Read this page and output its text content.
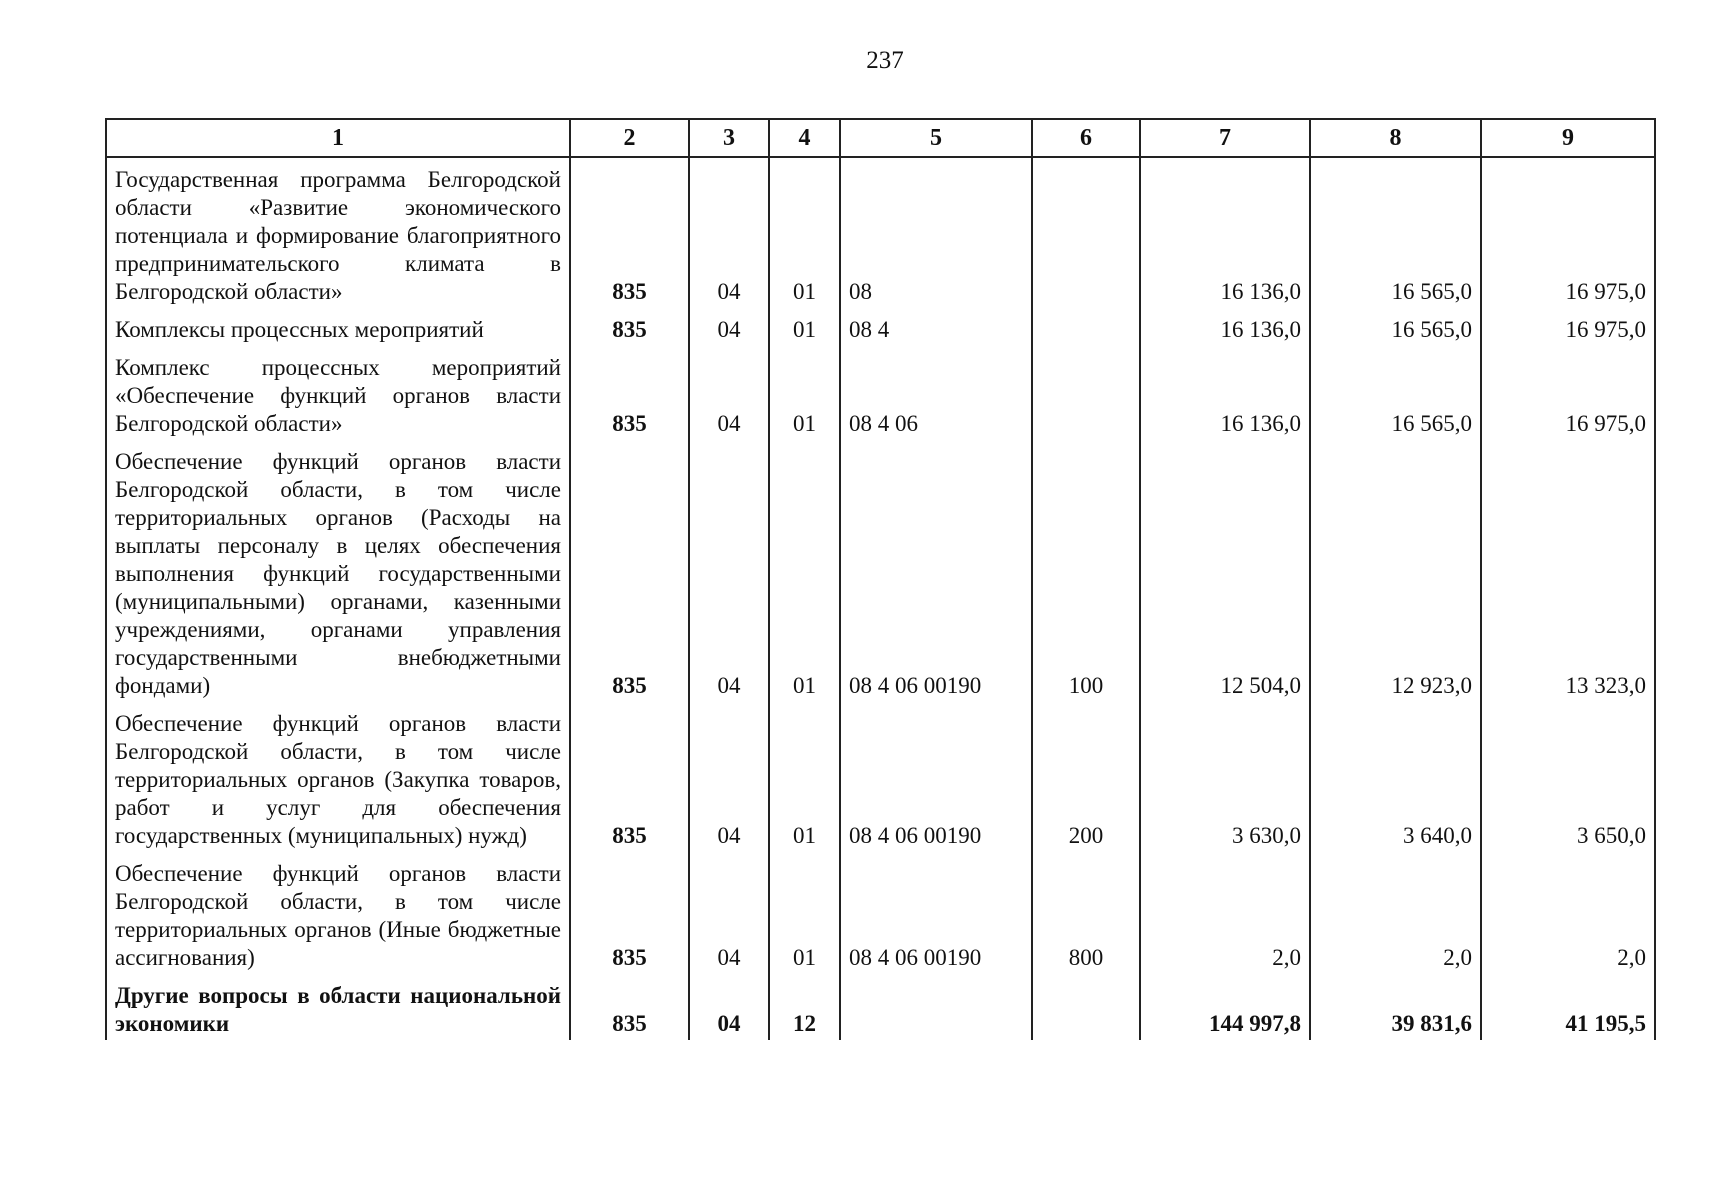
237
1	2	3	4	5	6	7	8	9
Государственная программа Белгородской области «Развитие экономического потенциала и формирование благоприятного предпринимательского климата в Белгородской области»	835	04	01	08		16 136,0	16 565,0	16 975,0
Комплексы процессных мероприятий	835	04	01	08 4		16 136,0	16 565,0	16 975,0
Комплекс процессных мероприятий «Обеспечение функций органов власти Белгородской области»	835	04	01	08 4 06		16 136,0	16 565,0	16 975,0
Обеспечение функций органов власти Белгородской области, в том числе территориальных органов (Расходы на выплаты персоналу в целях обеспечения выполнения функций государственными (муниципальными) органами, казенными учреждениями, органами управления государственными внебюджетными фондами)	835	04	01	08 4 06 00190	100	12 504,0	12 923,0	13 323,0
Обеспечение функций органов власти Белгородской области, в том числе территориальных органов (Закупка товаров, работ и услуг для обеспечения государственных (муниципальных) нужд)	835	04	01	08 4 06 00190	200	3 630,0	3 640,0	3 650,0
Обеспечение функций органов власти Белгородской области, в том числе территориальных органов (Иные бюджетные ассигнования)	835	04	01	08 4 06 00190	800	2,0	2,0	2,0
Другие вопросы в области национальной экономики	835	04	12			144 997,8	39 831,6	41 195,5
